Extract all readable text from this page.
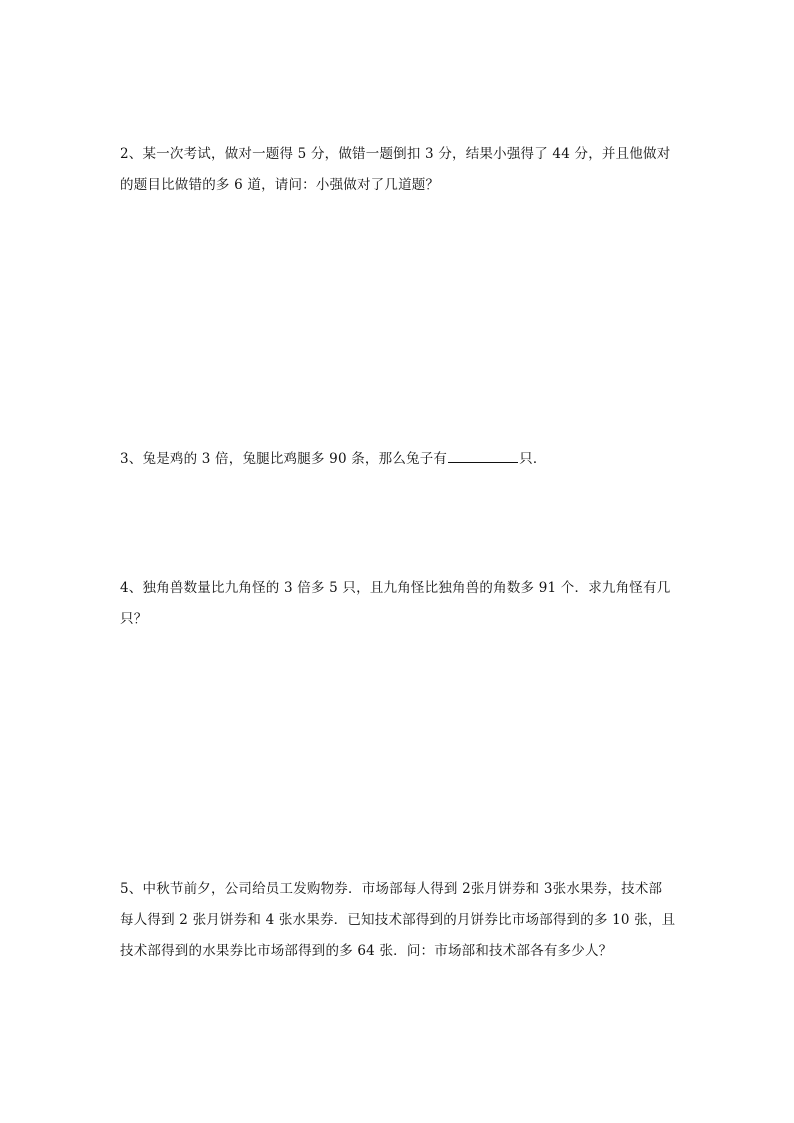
2、某一次考试，做对一题得 5 分，做错一题倒扣 3 分，结果小强得了 44 分，并且他做对
的题目比做错的多 6 道，请问：小强做对了几道题？
3、兔是鸡的 3 倍，兔腿比鸡腿多 90 条，那么兔子有	只．
4、独角兽数量比九角怪的 3 倍多 5 只，且九角怪比独角兽的角数多 91 个．求九角怪有几
只？
5、中秋节前夕，公司给员工发购物券．市场部每人得到 2张月饼券和 3张水果券，技术部
每人得到 2 张月饼券和 4 张水果券．已知技术部得到的月饼券比市场部得到的多 10 张，且
技术部得到的水果券比市场部得到的多 64 张．问：市场部和技术部各有多少人？
